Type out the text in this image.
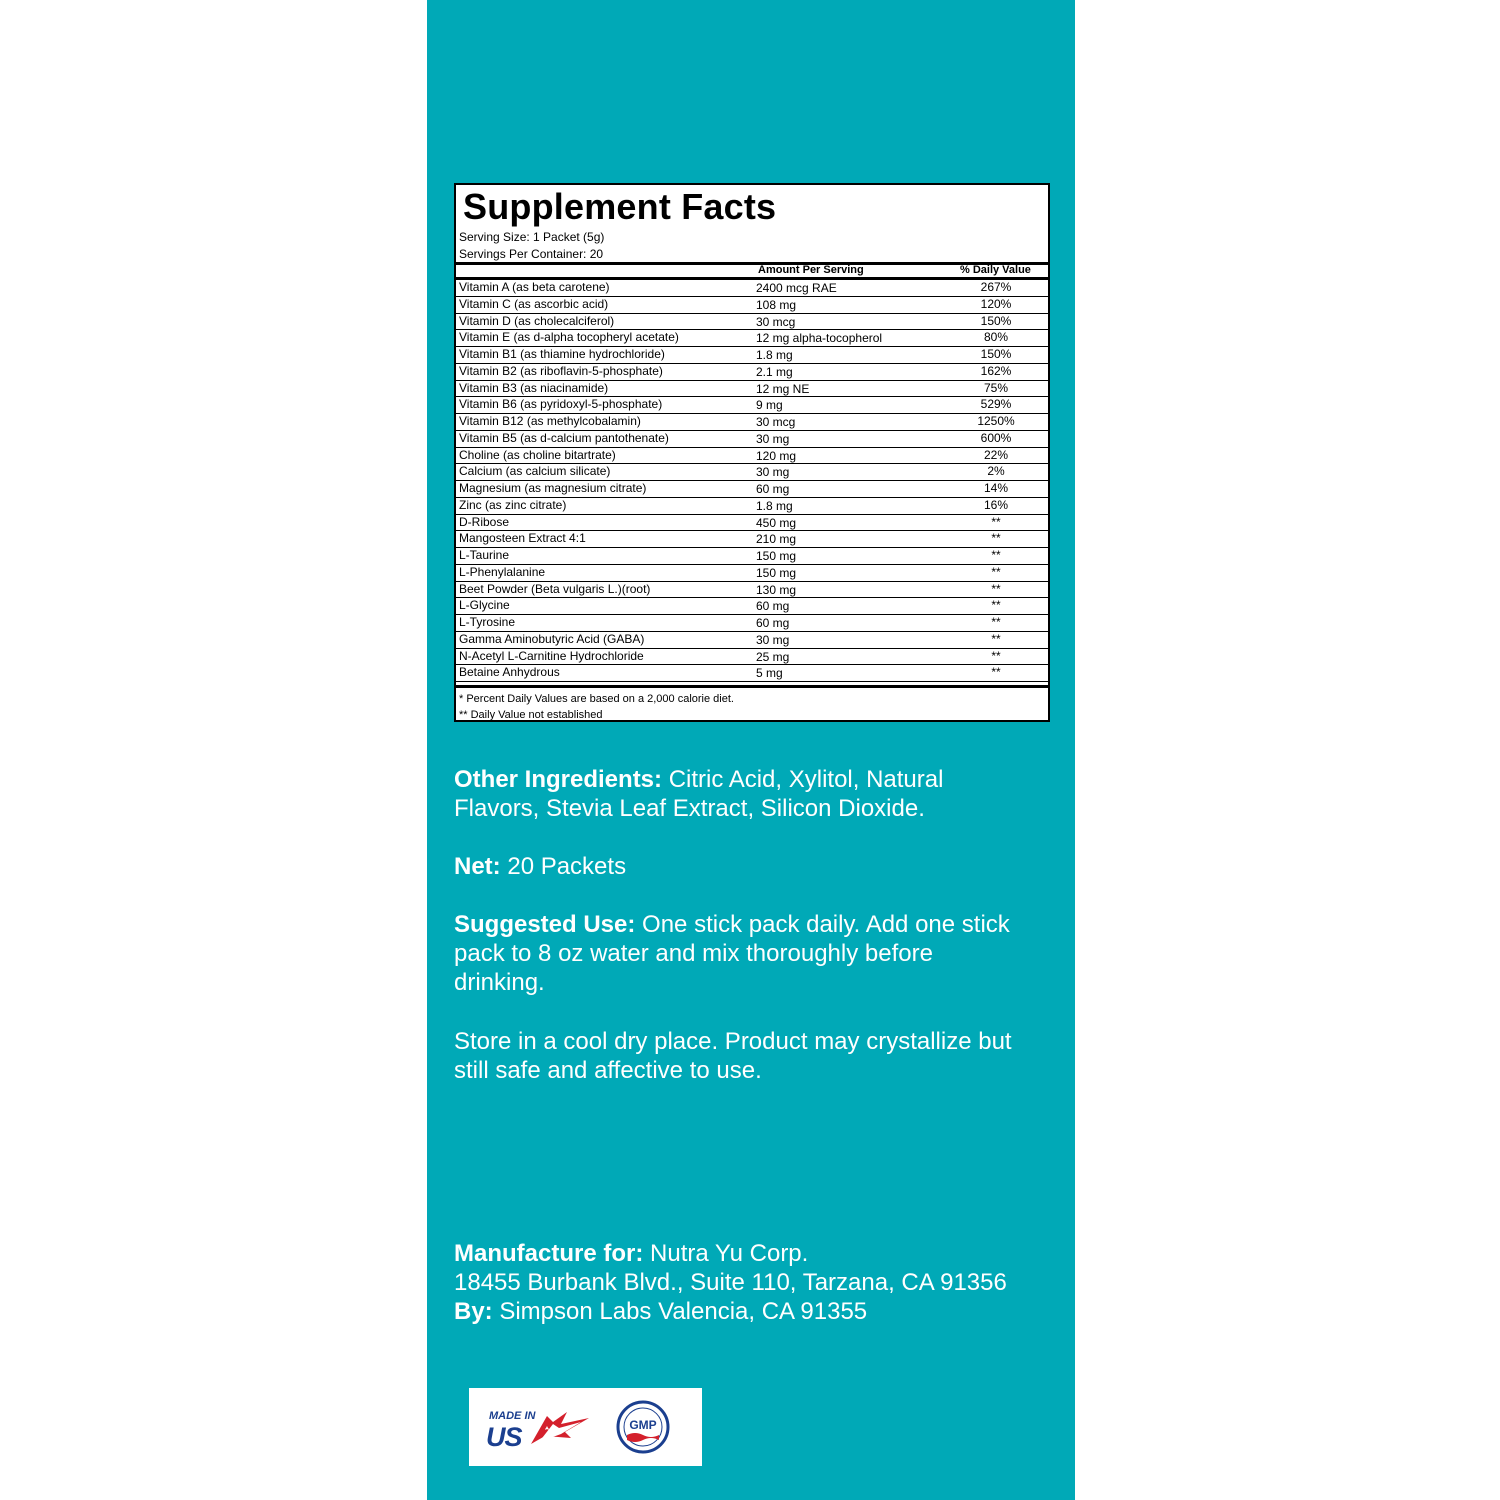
Supplement Facts
Serving Size: 1 Packet (5g)
Servings Per Container: 20
Amount Per Serving	% Daily Value
Vitamin A (as beta carotene)	2400 mcg RAE	267%
Vitamin C (as ascorbic acid)	108 mg	120%
Vitamin D (as cholecalciferol)	30 mcg	150%
Vitamin E (as d-alpha tocopheryl acetate)	12 mg alpha-tocopherol	80%
Vitamin B1 (as thiamine hydrochloride)	1.8 mg	150%
Vitamin B2 (as riboflavin-5-phosphate)	2.1 mg	162%
Vitamin B3 (as niacinamide)	12 mg NE	75%
Vitamin B6 (as pyridoxyl-5-phosphate)	9 mg	529%
Vitamin B12 (as methylcobalamin)	30 mcg	1250%
Vitamin B5 (as d-calcium pantothenate)	30 mg	600%
Choline (as choline bitartrate)	120 mg	22%
Calcium (as calcium silicate)	30 mg	2%
Magnesium (as magnesium citrate)	60 mg	14%
Zinc (as zinc citrate)	1.8 mg	16%
D-Ribose	450 mg	**
Mangosteen Extract 4:1	210 mg	**
L-Taurine	150 mg	**
L-Phenylalanine	150 mg	**
Beet Powder (Beta vulgaris L.)(root)	130 mg	**
L-Glycine	60 mg	**
L-Tyrosine	60 mg	**
Gamma Aminobutyric Acid (GABA)	30 mg	**
N-Acetyl L-Carnitine Hydrochloride	25 mg	**
Betaine Anhydrous	5 mg	**
* Percent Daily Values are based on a 2,000 calorie diet.
** Daily Value not established
Other Ingredients: Citric Acid, Xylitol, Natural Flavors, Stevia Leaf Extract, Silicon Dioxide.
Net: 20 Packets
Suggested Use: One stick pack daily. Add one stick pack to 8 oz water and mix thoroughly before drinking.
Store in a cool dry place. Product may crystallize but still safe and affective to use.
Manufacture for: Nutra Yu Corp.
18455 Burbank Blvd., Suite 110, Tarzana, CA 91356
By: Simpson Labs Valencia, CA 91355
MADE IN
US	GMP
